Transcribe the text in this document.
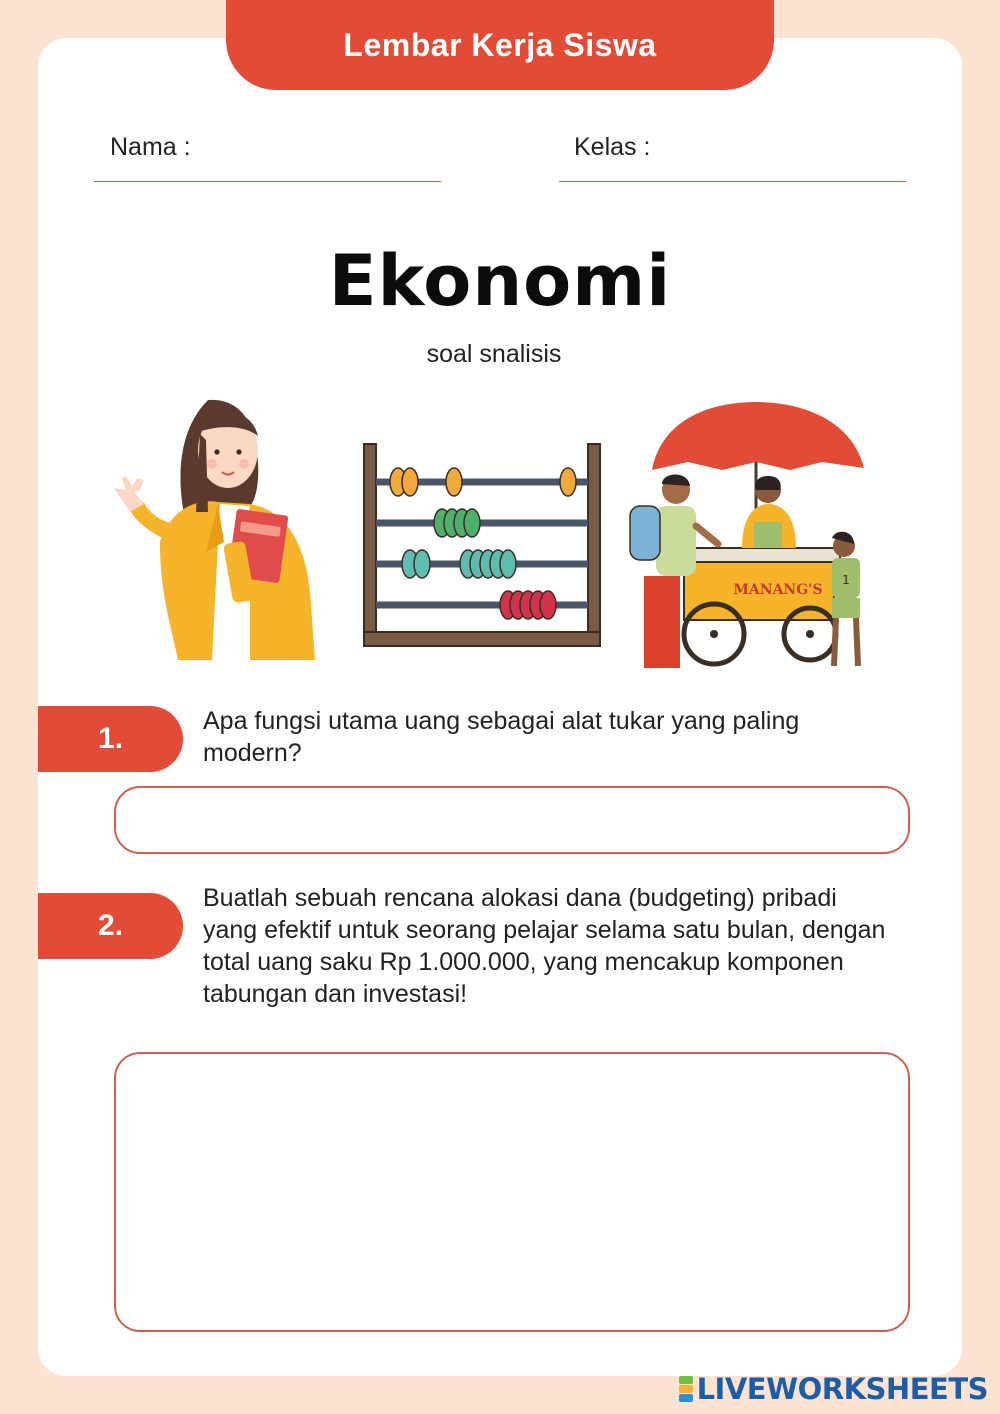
Lembar Kerja Siswa
Nama :	Kelas :
Ekonomi
soal snalisis
MANANG'S
1
1.
Apa fungsi utama uang sebagai alat tukar yang paling modern?
2.
Buatlah sebuah rencana alokasi dana (budgeting) pribadi yang efektif untuk seorang pelajar selama satu bulan, dengan total uang saku Rp 1.000.000, yang mencakup komponen tabungan dan investasi!
LIVEWORKSHEETS
